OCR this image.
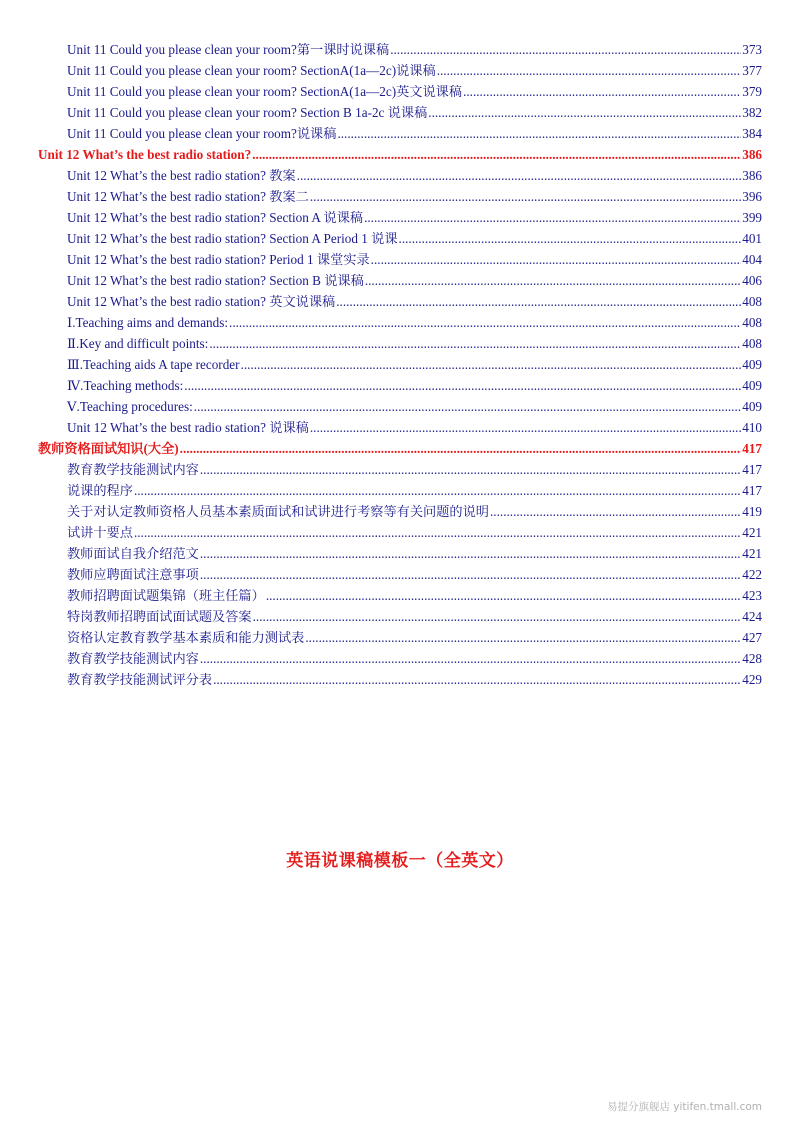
Unit 11 Could you please clean your room?第一课时说课稿 .....	373
Unit 11 Could you please clean your room? SectionA(1a—2c)说课稿 .....	377
Unit 11 Could you please clean your room? SectionA(1a—2c)英文说课稿 .....	379
Unit 11 Could you please clean your room? Section B 1a-2c 说课稿 .....	382
Unit 11 Could you please clean your room?说课稿 .....	384
Unit 12 What’s the best radio station? .....	386
Unit 12 What’s the best radio station? 教案 .....	386
Unit 12 What’s the best radio station? 教案二 .....	396
Unit 12 What’s the best radio station? Section A 说课稿 .....	399
Unit 12 What’s the best radio station? Section A Period 1 说课 .....	401
Unit 12 What’s the best radio station? Period 1 课堂实录 .....	404
Unit 12 What’s the best radio station? Section B 说课稿 .....	406
Unit 12 What’s the best radio station? 英文说课稿 .....	408
Ⅰ.Teaching aims and demands: .....	408
Ⅱ.Key and difficult points: .....	408
Ⅲ.Teaching aids A tape recorder .....	409
Ⅳ.Teaching methods: .....	409
Ⅴ.Teaching procedures: .....	409
Unit 12 What’s the best radio station? 说课稿 .....	410
教师资格面试知识(大全) .....	417
教育教学技能测试内容 .....	417
说课的程序 .....	417
关于对认定教师资格人员基本素质面试和试讲进行考察等有关问题的说明 .....	419
试讲十要点 .....	421
教师面试自我介绍范文 .....	421
教师应聘面试注意事项 .....	422
教师招聘面试题集锦（班主任篇） .....	423
特岗教师招聘面试面试题及答案 .....	424
资格认定教育教学基本素质和能力测试表 .....	427
教育教学技能测试内容 .....	428
教育教学技能测试评分表 .....	429
英语说课稿模板一（全英文）
易提分旗舰店 yitifen.tmall.com
